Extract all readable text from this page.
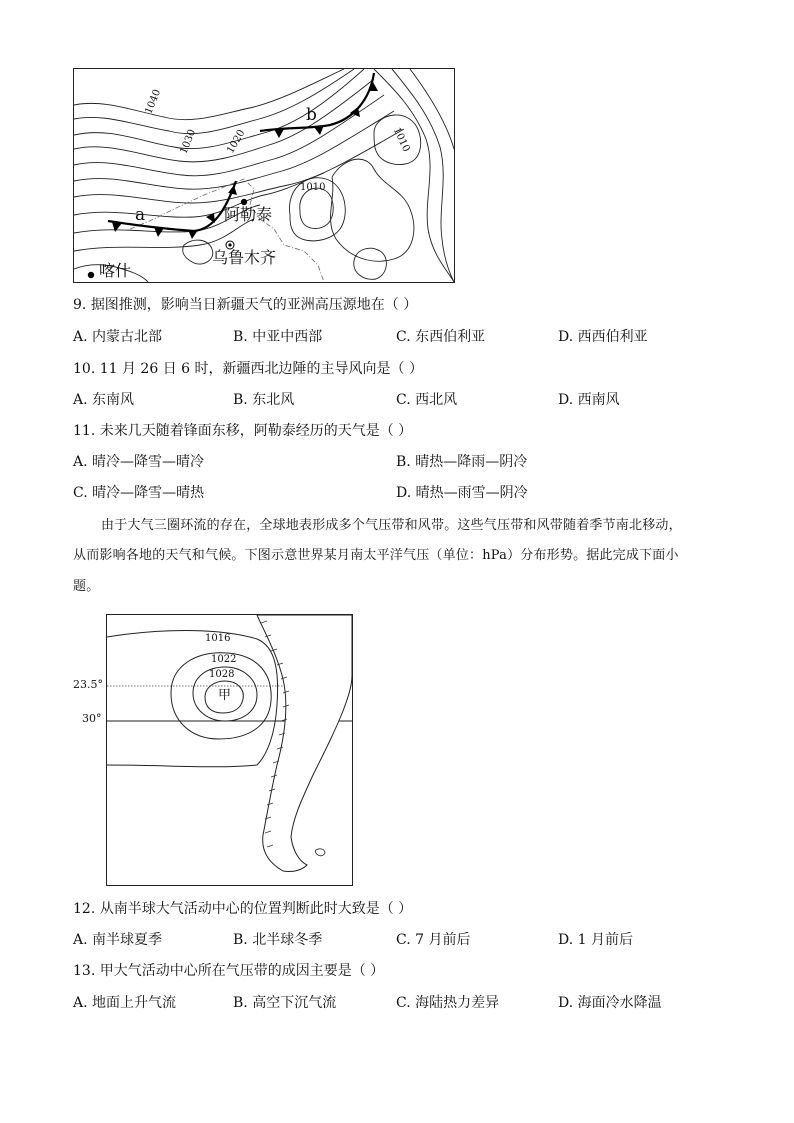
1040
1030	1020	1010
1010
a
b
阿勒泰
乌鲁木齐
喀什
9. 据图推测，影响当日新疆天气的亚洲高压源地在（ ）
A. 内蒙古北部	B. 中亚中西部	C. 东西伯利亚	D. 西西伯利亚
10. 11 月 26 日 6 时，新疆西北边陲的主导风向是（ ）
A. 东南风	B. 东北风	C. 西北风	D. 西南风
11. 未来几天随着锋面东移，阿勒泰经历的天气是（ ）
A. 晴冷—降雪—晴冷	B. 晴热—降雨—阴冷
C. 晴冷—降雪—晴热	D. 晴热—雨雪—阴冷
由于大气三圈环流的存在，全球地表形成多个气压带和风带。这些气压带和风带随着季节南北移动，
从而影响各地的天气和气候。下图示意世界某月南太平洋气压（单位：hPa）分布形势。据此完成下面小
题。
1016
1022
1028
甲
23.5°
30°
12. 从南半球大气活动中心的位置判断此时大致是（ ）
A. 南半球夏季	B. 北半球冬季	C. 7 月前后	D. 1 月前后
13. 甲大气活动中心所在气压带的成因主要是（ ）
A. 地面上升气流	B. 高空下沉气流	C. 海陆热力差异	D. 海面冷水降温
